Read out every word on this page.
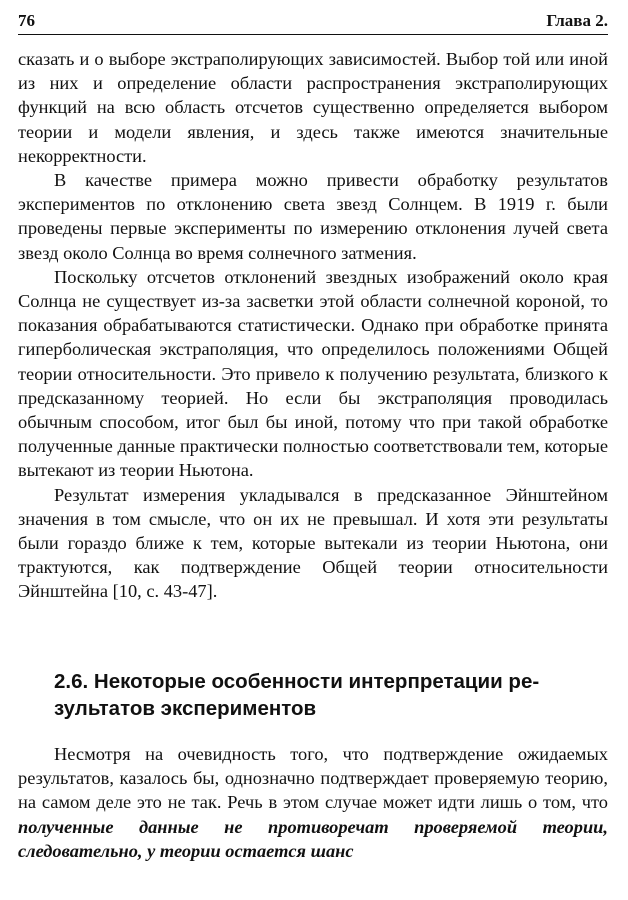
76	Глава 2.

сказать и о выборе экстраполирующих зависимостей. Выбор той или иной из них и определение области распространения экстраполирующих функций на всю область отсчетов существенно определяется выбором теории и модели явления, и здесь также имеются значительные некорректности.

В качестве примера можно привести обработку результатов экспериментов по отклонению света звезд Солнцем. В 1919 г. были проведены первые эксперименты по измерению отклонения лучей света звезд около Солнца во время солнечного затмения.

Поскольку отсчетов отклонений звездных изображений около края Солнца не существует из-за засветки этой области солнечной короной, то показания обрабатываются статистически. Однако при обработке принята гиперболическая экстраполяция, что определилось положениями Общей теории относительности. Это привело к получению результата, близкого к предсказанному теорией. Но если бы экстраполяция проводилась обычным способом, итог был бы иной, потому что при такой обработке полученные данные практически полностью соответствовали тем, которые вытекают из теории Ньютона.

Результат измерения укладывался в предсказанное Эйнштейном значения в том смысле, что он их не превышал. И хотя эти результаты были гораздо ближе к тем, которые вытекали из теории Ньютона, они трактуются, как подтверждение Общей теории относительности Эйнштейна [10, с. 43-47].

2.6. Некоторые особенности интерпретации результатов экспериментов

Несмотря на очевидность того, что подтверждение ожидаемых результатов, казалось бы, однозначно подтверждает проверяемую теорию, на самом деле это не так. Речь в этом случае может идти лишь о том, что полученные данные не противоречат проверяемой теории, следовательно, у теории остается шанс
